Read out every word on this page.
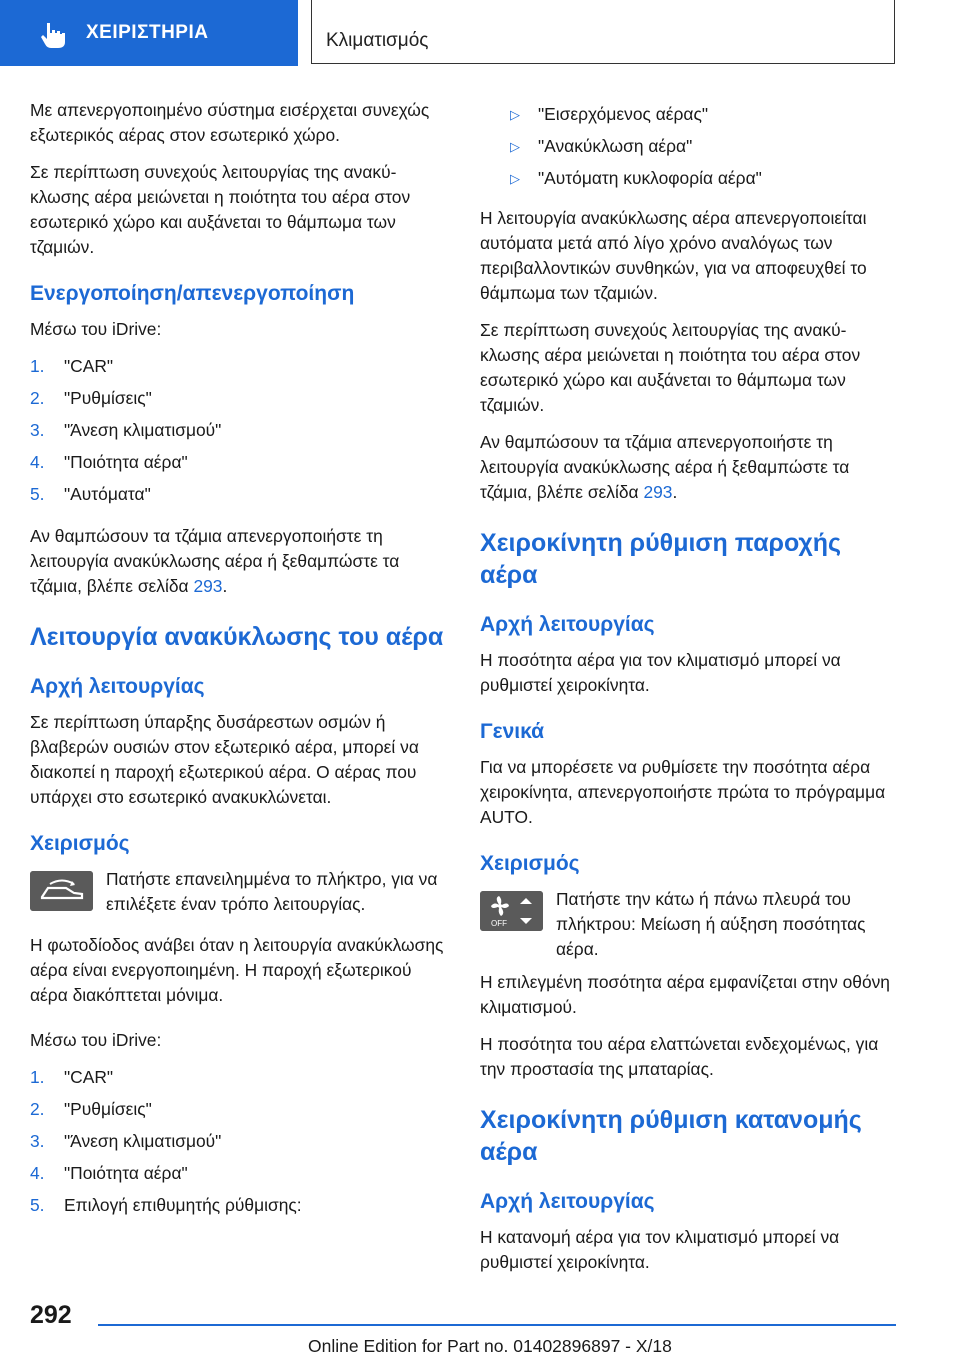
ΧΕΙΡΙΣΤΗΡΙΑ	Κλιματισμός

Με απενεργοποιημένο σύστημα εισέρχεται συνεχώς εξωτερικός αέρας στον εσωτερικό χώρο.

Σε περίπτωση συνεχούς λειτουργίας της ανακύκλωσης αέρα μειώνεται η ποιότητα του αέρα στον εσωτερικό χώρο και αυξάνεται το θάμπωμα των τζαμιών.

Ενεργοποίηση/απενεργοποίηση

Μέσω του iDrive:

1. "CAR"
2. "Ρυθμίσεις"
3. "Άνεση κλιματισμού"
4. "Ποιότητα αέρα"
5. "Αυτόματα"

Αν θαμπώσουν τα τζάμια απενεργοποιήστε τη λειτουργία ανακύκλωσης αέρα ή ξεθαμπώστε τα τζάμια, βλέπε σελίδα 293.

Λειτουργία ανακύκλωσης του αέρα
Αρχή λειτουργίας

Σε περίπτωση ύπαρξης δυσάρεστων οσμών ή βλαβερών ουσιών στον εξωτερικό αέρα, μπορεί να διακοπεί η παροχή εξωτερικού αέρα. Ο αέρας που υπάρχει στο εσωτερικό ανακυκλώνεται.

Χειρισμός
Πατήστε επανειλημμένα το πλήκτρο, για να επιλέξετε έναν τρόπο λειτουργίας.

Η φωτοδίοδος ανάβει όταν η λειτουργία ανακύκλωσης αέρα είναι ενεργοποιημένη. Η παροχή εξωτερικού αέρα διακόπτεται μόνιμα.

Μέσω του iDrive:

1. "CAR"
2. "Ρυθμίσεις"
3. "Άνεση κλιματισμού"
4. "Ποιότητα αέρα"
5. Επιλογή επιθυμητής ρύθμισης:
▷ "Εισερχόμενος αέρας"
▷ "Ανακύκλωση αέρα"
▷ "Αυτόματη κυκλοφορία αέρα"

Η λειτουργία ανακύκλωσης αέρα απενεργοποιείται αυτόματα μετά από λίγο χρόνο αναλόγως των περιβαλλοντικών συνθηκών, για να αποφευχθεί το θάμπωμα των τζαμιών.

Σε περίπτωση συνεχούς λειτουργίας της ανακύκλωσης αέρα μειώνεται η ποιότητα του αέρα στον εσωτερικό χώρο και αυξάνεται το θάμπωμα των τζαμιών.

Αν θαμπώσουν τα τζάμια απενεργοποιήστε τη λειτουργία ανακύκλωσης αέρα ή ξεθαμπώστε τα τζάμια, βλέπε σελίδα 293.

Χειροκίνητη ρύθμιση παροχής αέρα
Αρχή λειτουργίας

Η ποσότητα αέρα για τον κλιματισμό μπορεί να ρυθμιστεί χειροκίνητα.

Γενικά

Για να μπορέσετε να ρυθμίσετε την ποσότητα αέρα χειροκίνητα, απενεργοποιήστε πρώτα το πρόγραμμα AUTO.

Χειρισμός
OFF
Πατήστε την κάτω ή πάνω πλευρά του πλήκτρου: Μείωση ή αύξηση ποσότητας αέρα.

Η επιλεγμένη ποσότητα αέρα εμφανίζεται στην οθόνη κλιματισμού.

Η ποσότητα του αέρα ελαττώνεται ενδεχομένως, για την προστασία της μπαταρίας.

Χειροκίνητη ρύθμιση κατανομής αέρα
Αρχή λειτουργίας

Η κατανομή αέρα για τον κλιματισμό μπορεί να ρυθμιστεί χειροκίνητα.

292
Online Edition for Part no. 01402896897 - X/18
